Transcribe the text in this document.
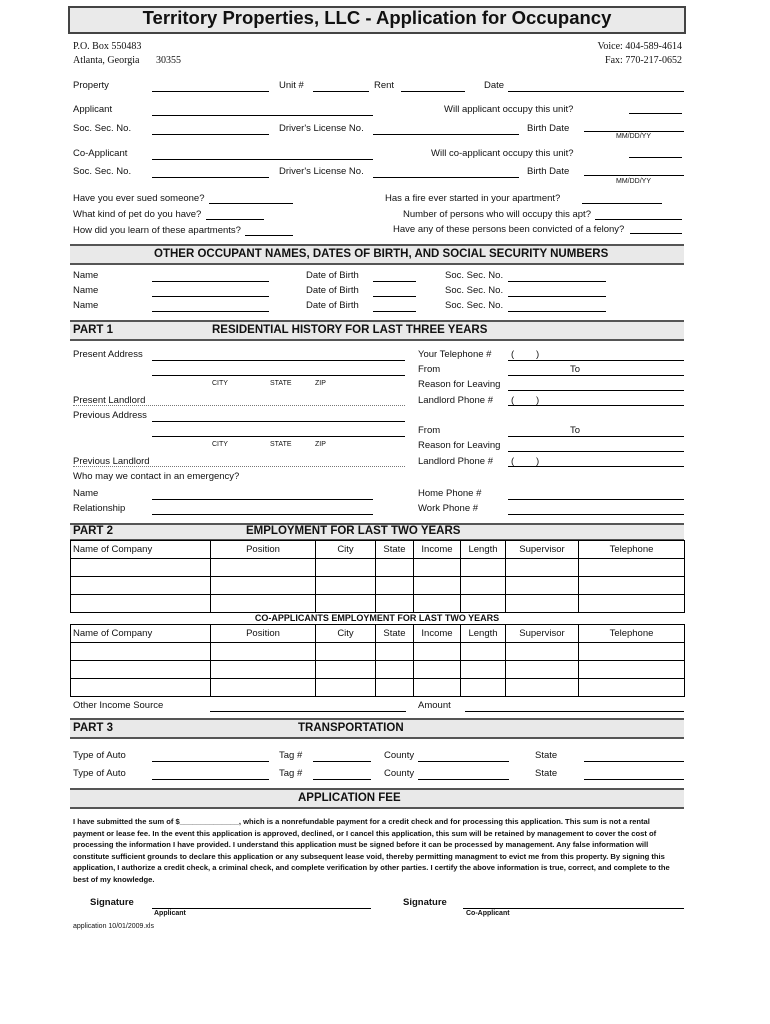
Territory Properties, LLC - Application for Occupancy
P.O. Box 550483
Atlanta, Georgia 30355
Voice: 404-589-4614
Fax: 770-217-0652
Property	Unit #	Rent	Date
Applicant	Will applicant occupy this unit?
Soc. Sec. No.	Driver's License No.	Birth Date
MM/DD/YY
Co-Applicant	Will co-applicant occupy this unit?
Soc. Sec. No.	Driver's License No.	Birth Date
MM/DD/YY
Have you ever sued someone?	Has a fire ever started in your apartment?
What kind of pet do you have?	Number of persons who will occupy this apt?
How did you learn of these apartments?	Have any of these persons been convicted of a felony?
OTHER OCCUPANT NAMES, DATES OF BIRTH, AND SOCIAL SECURITY NUMBERS
Name	Date of Birth	Soc. Sec. No.
Name	Date of Birth	Soc. Sec. No.
Name	Date of Birth	Soc. Sec. No.
PART 1	RESIDENTIAL HISTORY FOR LAST THREE YEARS
Present Address	Your Telephone # ( )
From	To
CITY	STATE	ZIP	Reason for Leaving
Present Landlord	Landlord Phone # ( )
Previous Address
From	To
CITY	STATE	ZIP	Reason for Leaving
Previous Landlord	Landlord Phone # ( )
Who may we contact in an emergency?
Name	Home Phone #
Relationship	Work Phone #
PART 2	EMPLOYMENT FOR LAST TWO YEARS
Name of Company	Position	City	State	Income	Length	Supervisor	Telephone

CO-APPLICANTS EMPLOYMENT FOR LAST TWO YEARS
Name of Company	Position	City	State	Income	Length	Supervisor	Telephone

Other Income Source	Amount
PART 3	TRANSPORTATION
Type of Auto	Tag #	County	State
Type of Auto	Tag #	County	State
APPLICATION FEE
I have submitted the sum of $______________, which is a nonrefundable payment for a credit check and for processing this application. This sum is not a rental payment or lease fee. In the event this application is approved, declined, or I cancel this application, this sum will be retained by management to cover the cost of processing the information I have provided. I understand this application must be signed before it can be processed by management. Any false information will constitute sufficient grounds to declare this application or any subsequent lease void, thereby permitting managment to evict me from this property. By signing this application, I authorize a credit check, a criminal check, and complete verification by other parties. I certify the above information is true, correct, and complete to the best of my knowledge.
Signature
Applicant
Signature
Co-Applicant
application 10/01/2009.xls
